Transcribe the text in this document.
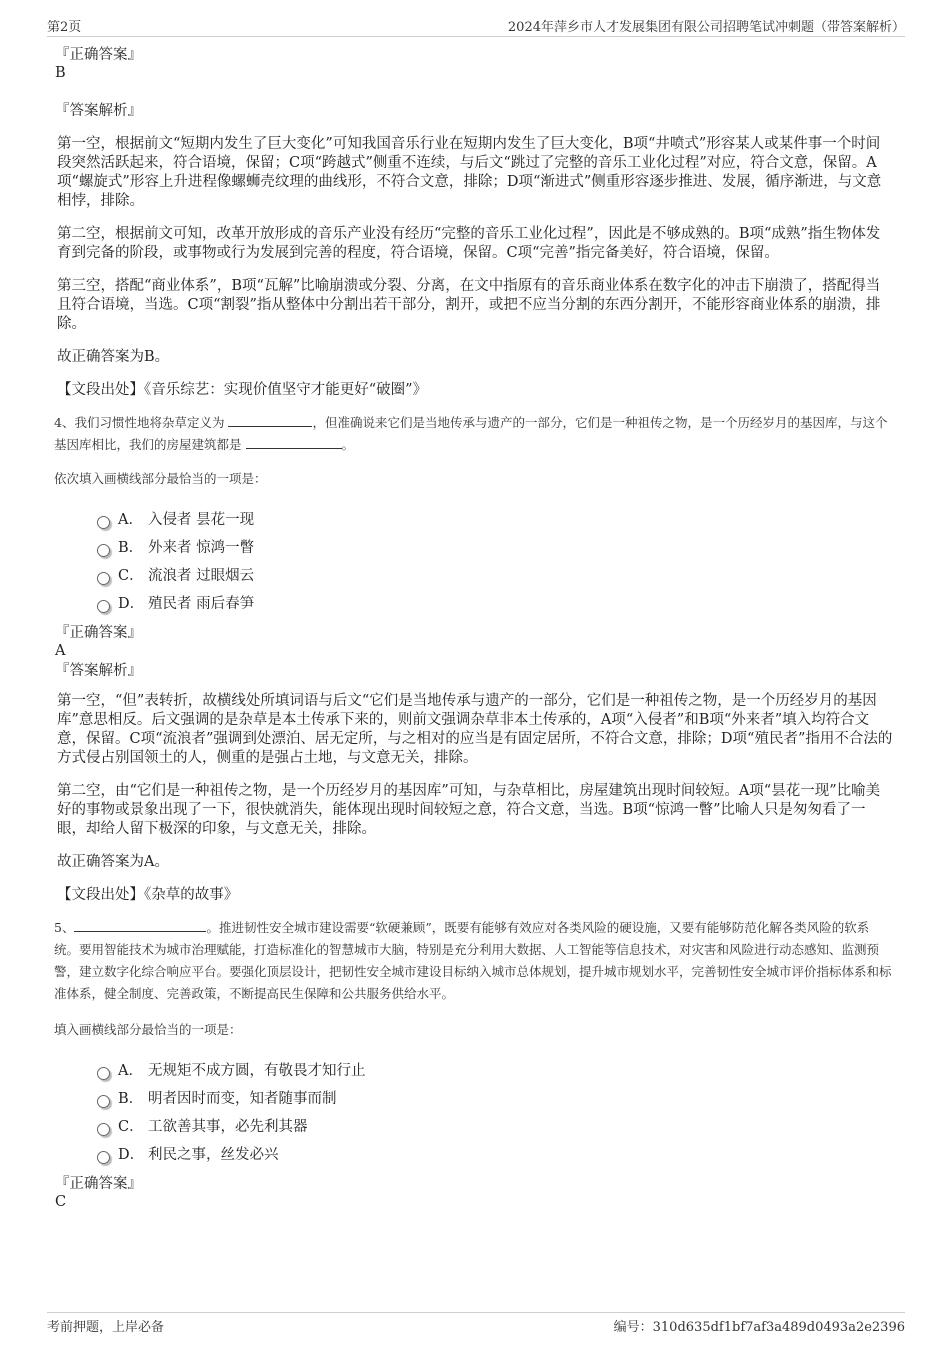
第2页	2024年萍乡市人才发展集团有限公司招聘笔试冲刺题（带答案解析）
『正确答案』
B
『答案解析』

第一空，根据前文“短期内发生了巨大变化”可知我国音乐行业在短期内发生了巨大变化，B项“井喷式”形容某人或某件事一个时间段突然活跃起来，符合语境，保留；C项“跨越式”侧重不连续，与后文“跳过了完整的音乐工业化过程”对应，符合文意，保留。A项“螺旋式”形容上升进程像螺蛳壳纹理的曲线形，不符合文意，排除；D项“渐进式”侧重形容逐步推进、发展，循序渐进，与文意相悖，排除。

第二空，根据前文可知，改革开放形成的音乐产业没有经历“完整的音乐工业化过程”，因此是不够成熟的。B项“成熟”指生物体发育到完备的阶段，或事物或行为发展到完善的程度，符合语境，保留。C项“完善”指完备美好，符合语境，保留。

第三空，搭配“商业体系”，B项“瓦解”比喻崩溃或分裂、分离，在文中指原有的音乐商业体系在数字化的冲击下崩溃了，搭配得当且符合语境，当选。C项“割裂”指从整体中分割出若干部分，割开，或把不应当分割的东西分割开，不能形容商业体系的崩溃，排除。

故正确答案为B。

【文段出处】《音乐综艺：实现价值坚守才能更好“破圈”》

4、我们习惯性地将杂草定义为	，但准确说来它们是当地传承与遗产的一部分，它们是一种祖传之物，是一个历经岁月的基因库，与这个基因库相比，我们的房屋建筑都是	。
依次填入画横线部分最恰当的一项是：
A． 入侵者 昙花一现
B． 外来者 惊鸿一瞥
C． 流浪者 过眼烟云
D． 殖民者 雨后春笋
『正确答案』
A
『答案解析』

第一空，“但”表转折，故横线处所填词语与后文“它们是当地传承与遗产的一部分，它们是一种祖传之物，是一个历经岁月的基因库”意思相反。后文强调的是杂草是本土传承下来的，则前文强调杂草非本土传承的，A项“入侵者”和B项“外来者”填入均符合文意，保留。C项“流浪者”强调到处漂泊、居无定所，与之相对的应当是有固定居所，不符合文意，排除；D项“殖民者”指用不合法的方式侵占别国领土的人，侧重的是强占土地，与文意无关，排除。

第二空，由“它们是一种祖传之物，是一个历经岁月的基因库”可知，与杂草相比，房屋建筑出现时间较短。A项“昙花一现”比喻美好的事物或景象出现了一下，很快就消失，能体现出现时间较短之意，符合文意，当选。B项“惊鸿一瞥”比喻人只是匆匆看了一眼，却给人留下极深的印象，与文意无关，排除。

故正确答案为A。

【文段出处】《杂草的故事》

5、	。推进韧性安全城市建设需要“软硬兼顾”，既要有能够有效应对各类风险的硬设施，又要有能够防范化解各类风险的软系统。要用智能技术为城市治理赋能，打造标准化的智慧城市大脑，特别是充分利用大数据、人工智能等信息技术，对灾害和风险进行动态感知、监测预警，建立数字化综合响应平台。要强化顶层设计，把韧性安全城市建设目标纳入城市总体规划，提升城市规划水平，完善韧性安全城市评价指标体系和标准体系，健全制度、完善政策，不断提高民生保障和公共服务供给水平。
填入画横线部分最恰当的一项是：
A． 无规矩不成方圆，有敬畏才知行止
B． 明者因时而变，知者随事而制
C． 工欲善其事，必先利其器
D． 利民之事，丝发必兴
『正确答案』
C
考前押题，上岸必备	编号：310d635df1bf7af3a489d0493a2e2396
